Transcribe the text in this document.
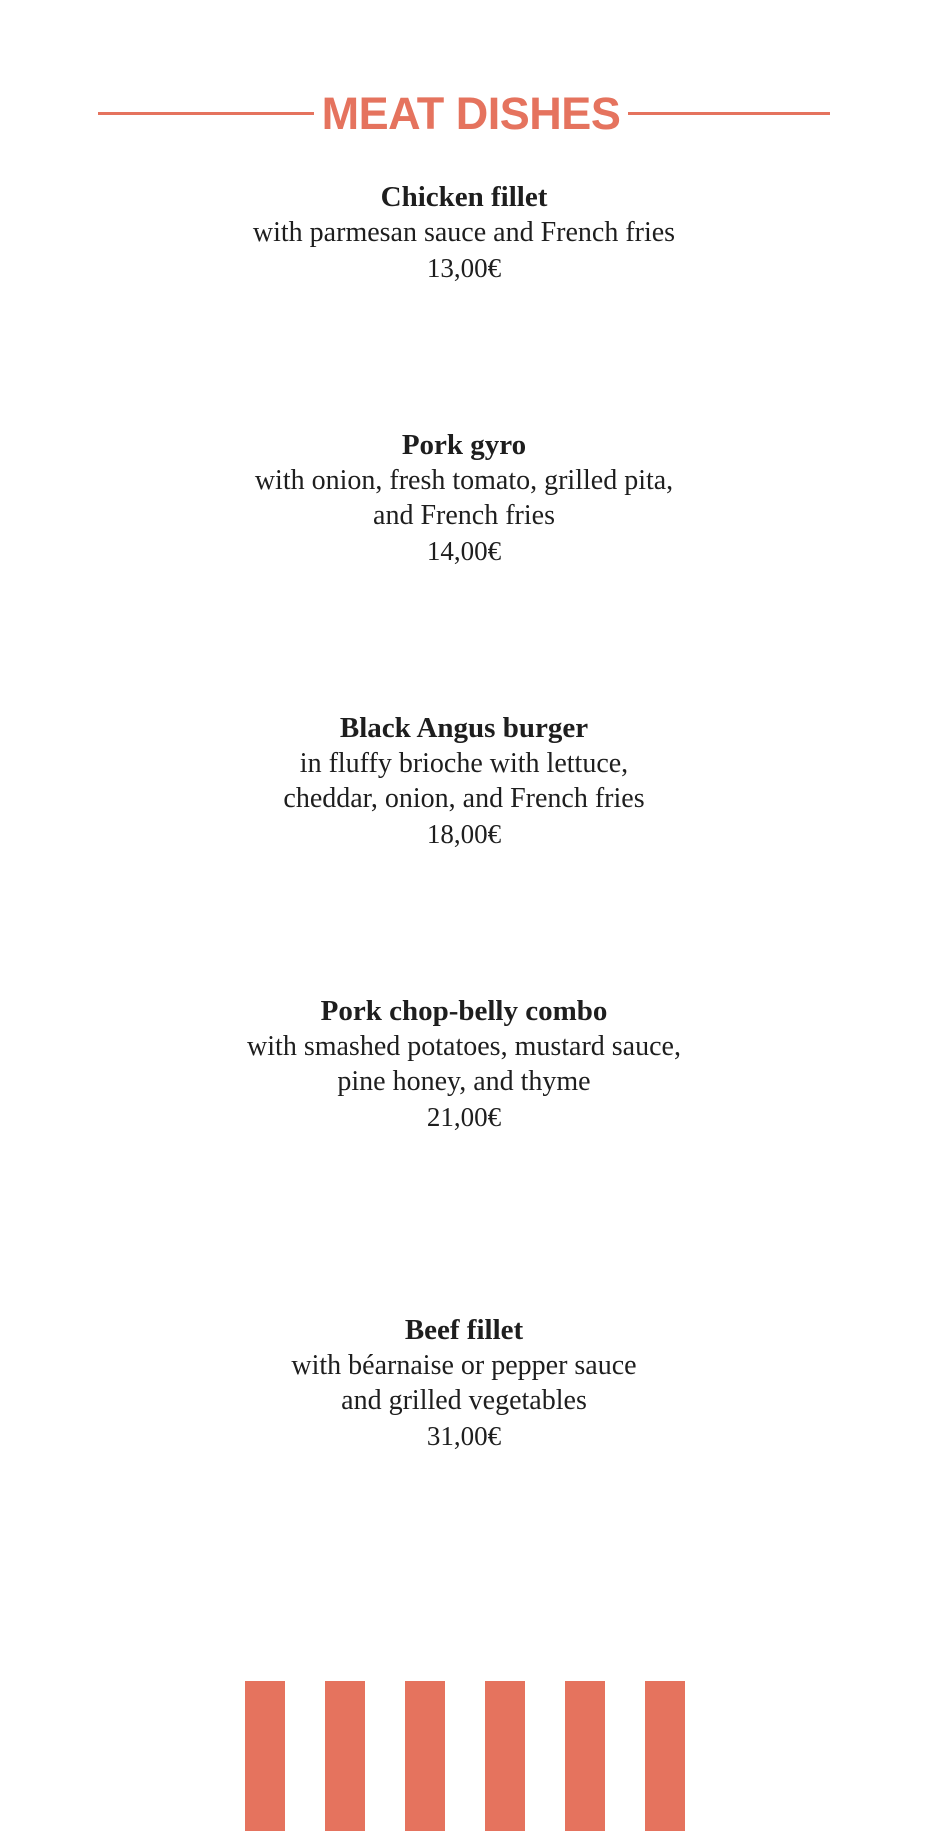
MEAT DISHES
Chicken fillet
with parmesan sauce and French fries
13,00€
Pork gyro
with onion, fresh tomato, grilled pita,
and French fries
14,00€
Black Angus burger
in fluffy brioche with lettuce,
cheddar, onion, and French fries
18,00€
Pork chop-belly combo
with smashed potatoes, mustard sauce,
pine honey, and thyme
21,00€
Beef fillet
with béarnaise or pepper sauce
and grilled vegetables
31,00€
